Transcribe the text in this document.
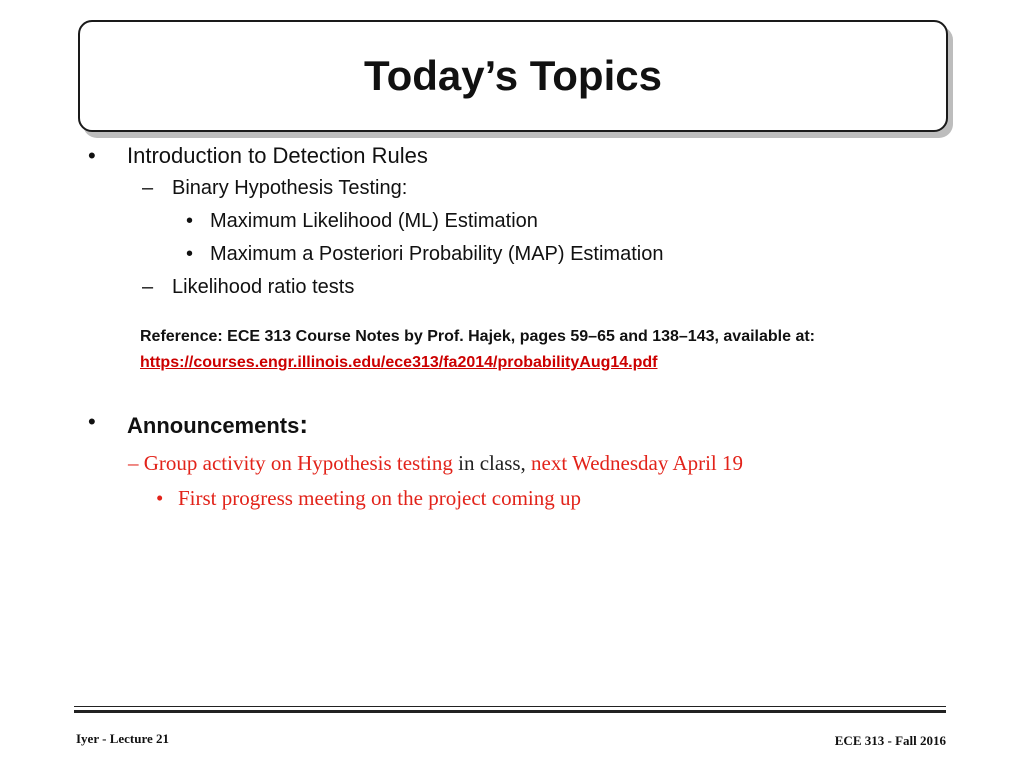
Today’s Topics
• Introduction to Detection Rules
– Binary Hypothesis Testing:
• Maximum Likelihood (ML) Estimation
• Maximum a Posteriori Probability (MAP) Estimation
– Likelihood ratio tests
Reference: ECE 313 Course Notes by Prof. Hajek, pages 59–65 and 138–143, available at:
https://courses.engr.illinois.edu/ece313/fa2014/probabilityAug14.pdf
• Announcements:
– Group activity on Hypothesis testing in class, next Wednesday April 19
• First progress meeting on the project coming up
Iyer - Lecture 21	ECE 313 - Fall 2016
